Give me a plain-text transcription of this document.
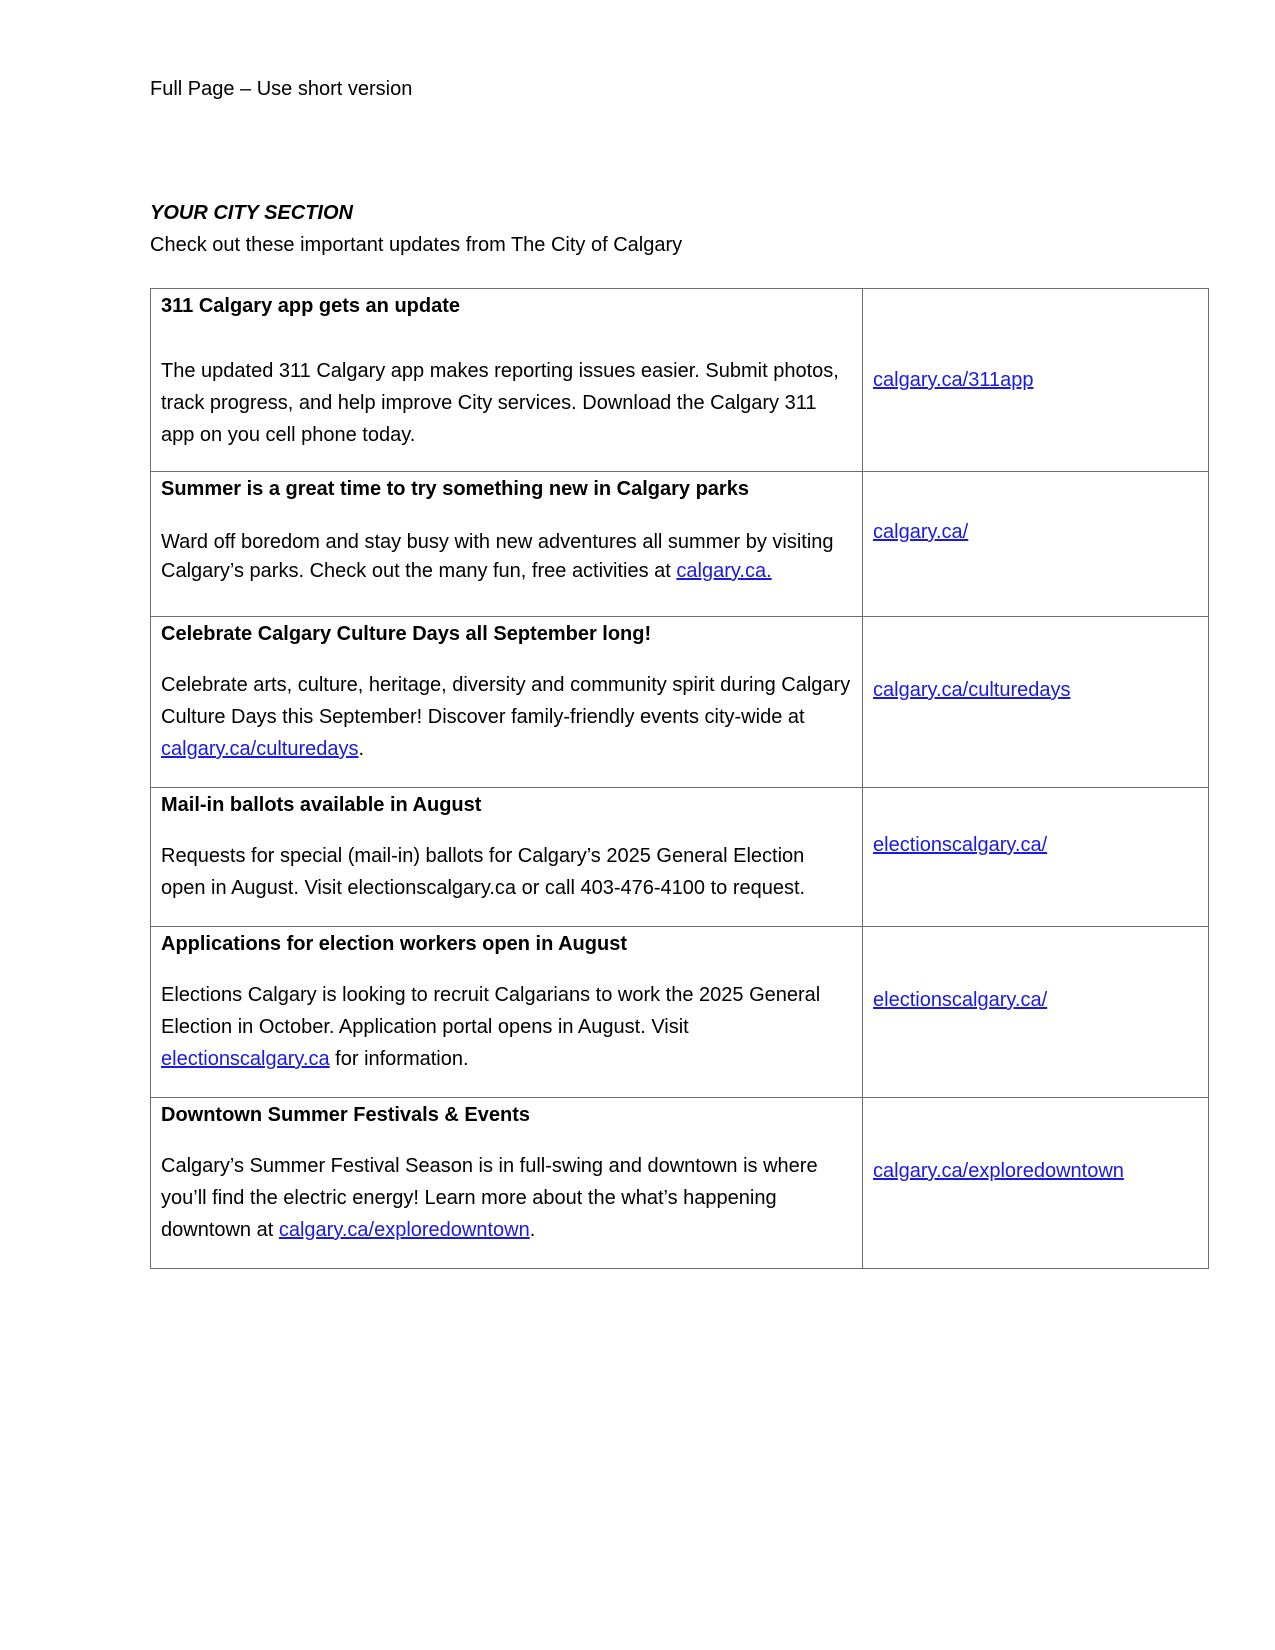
Full Page – Use short version
YOUR CITY SECTION
Check out these important updates from The City of Calgary
311 Calgary app gets an update
The updated 311 Calgary app makes reporting issues easier. Submit photos, track progress, and help improve City services. Download the Calgary 311 app on you cell phone today.	calgary.ca/311app

Summer is a great time to try something new in Calgary parks
Ward off boredom and stay busy with new adventures all summer by visiting Calgary’s parks. Check out the many fun, free activities at calgary.ca.	calgary.ca/

Celebrate Calgary Culture Days all September long!
Celebrate arts, culture, heritage, diversity and community spirit during Calgary Culture Days this September! Discover family-friendly events city-wide at calgary.ca/culturedays.	calgary.ca/culturedays

Mail-in ballots available in August
Requests for special (mail-in) ballots for Calgary’s 2025 General Election open in August. Visit electionscalgary.ca or call 403-476-4100 to request.	electionscalgary.ca/

Applications for election workers open in August
Elections Calgary is looking to recruit Calgarians to work the 2025 General Election in October. Application portal opens in August. Visit electionscalgary.ca for information.	electionscalgary.ca/

Downtown Summer Festivals & Events
Calgary’s Summer Festival Season is in full-swing and downtown is where you’ll find the electric energy! Learn more about the what’s happening downtown at calgary.ca/exploredowntown.	calgary.ca/exploredowntown
